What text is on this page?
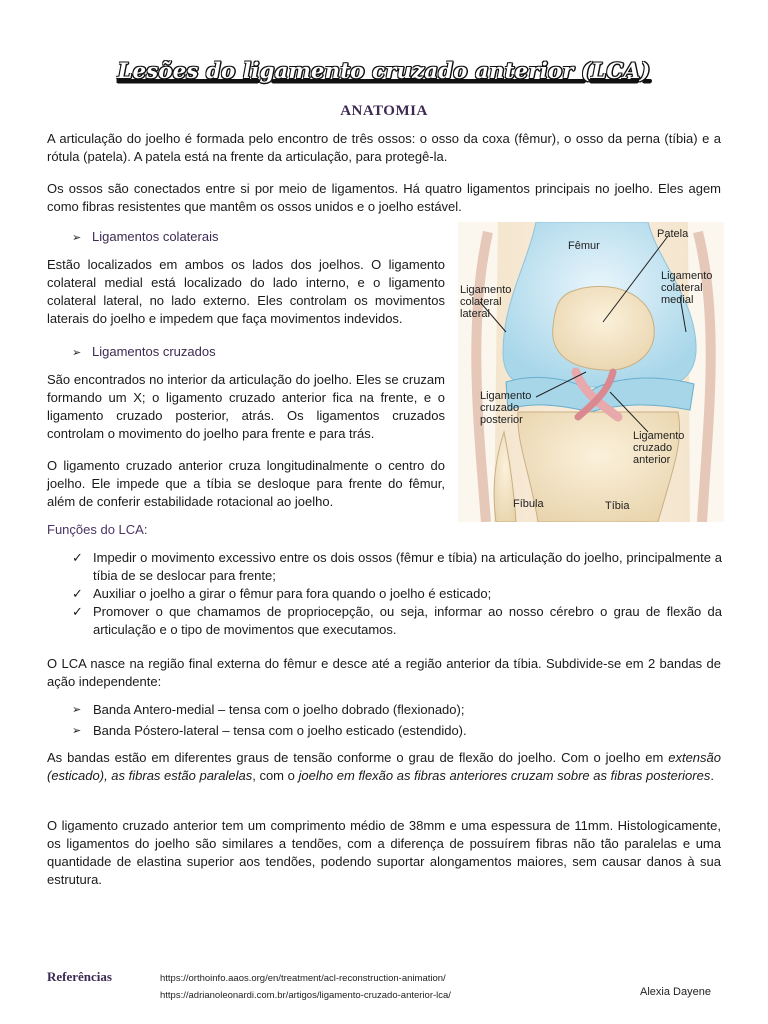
Lesões do ligamento cruzado anterior (LCA)
ANATOMIA

A articulação do joelho é formada pelo encontro de três ossos: o osso da coxa (fêmur), o osso da perna (tíbia) e a rótula (patela). A patela está na frente da articulação, para protegê-la.

Os ossos são conectados entre si por meio de ligamentos. Há quatro ligamentos principais no joelho. Eles agem como fibras resistentes que mantêm os ossos unidos e o joelho estável.

➢ Ligamentos colaterais

Estão localizados em ambos os lados dos joelhos. O ligamento colateral medial está localizado do lado interno, e o ligamento colateral lateral, no lado externo. Eles controlam os movimentos laterais do joelho e impedem que faça movimentos indevidos.

➢ Ligamentos cruzados

São encontrados no interior da articulação do joelho. Eles se cruzam formando um X; o ligamento cruzado anterior fica na frente, e o ligamento cruzado posterior, atrás. Os ligamentos cruzados controlam o movimento do joelho para frente e para trás.

O ligamento cruzado anterior cruza longitudinalmente o centro do joelho. Ele impede que a tíbia se desloque para frente do fêmur, além de conferir estabilidade rotacional ao joelho.

Patela
Fêmur
Ligamento
colateral
lateral
Ligamento
colateral
medial
Ligamento
cruzado
posterior
Ligamento
cruzado
anterior
Fíbula	Tíbia
Funções do LCA:
✓ Impedir o movimento excessivo entre os dois ossos (fêmur e tíbia) na articulação do joelho, principalmente a tíbia de se deslocar para frente;
✓ Auxiliar o joelho a girar o fêmur para fora quando o joelho é esticado;
✓ Promover o que chamamos de propriocepção, ou seja, informar ao nosso cérebro o grau de flexão da articulação e o tipo de movimentos que executamos.

O LCA nasce na região final externa do fêmur e desce até a região anterior da tíbia. Subdivide-se em 2 bandas de ação independente:

➢ Banda Antero-medial – tensa com o joelho dobrado (flexionado);
➢ Banda Póstero-lateral – tensa com o joelho esticado (estendido).

As bandas estão em diferentes graus de tensão conforme o grau de flexão do joelho. Com o joelho em extensão (esticado), as fibras estão paralelas, com o joelho em flexão as fibras anteriores cruzam sobre as fibras posteriores.

O ligamento cruzado anterior tem um comprimento médio de 38mm e uma espessura de 11mm. Histologicamente, os ligamentos do joelho são similares a tendões, com a diferença de possuírem fibras não tão paralelas e uma quantidade de elastina superior aos tendões, podendo suportar alongamentos maiores, sem causar danos à sua estrutura.

Referências	https://orthoinfo.aaos.org/en/treatment/acl-reconstruction-animation/
https://adrianoleonardi.com.br/artigos/ligamento-cruzado-anterior-lca/	Alexia Dayene
